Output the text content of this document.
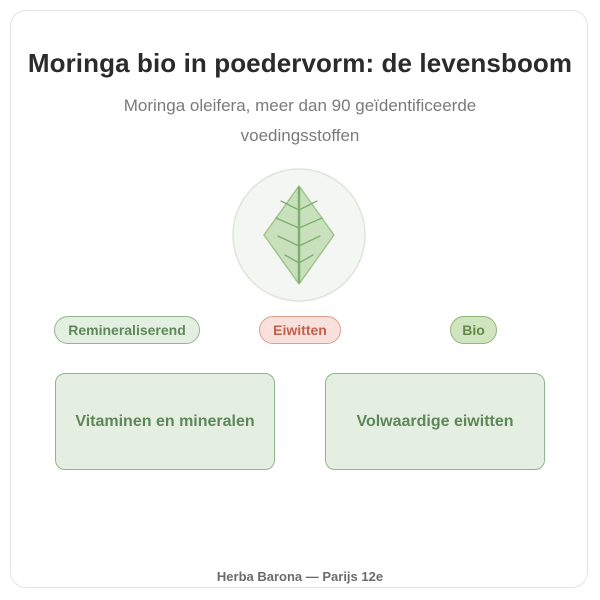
Moringa bio in poedervorm: de levensboom
Moringa oleifera, meer dan 90 geïdentificeerde voedingsstoffen
Remineraliserend	Eiwitten	Bio
Vitaminen en mineralen	Volwaardige eiwitten
Herba Barona — Parijs 12e
